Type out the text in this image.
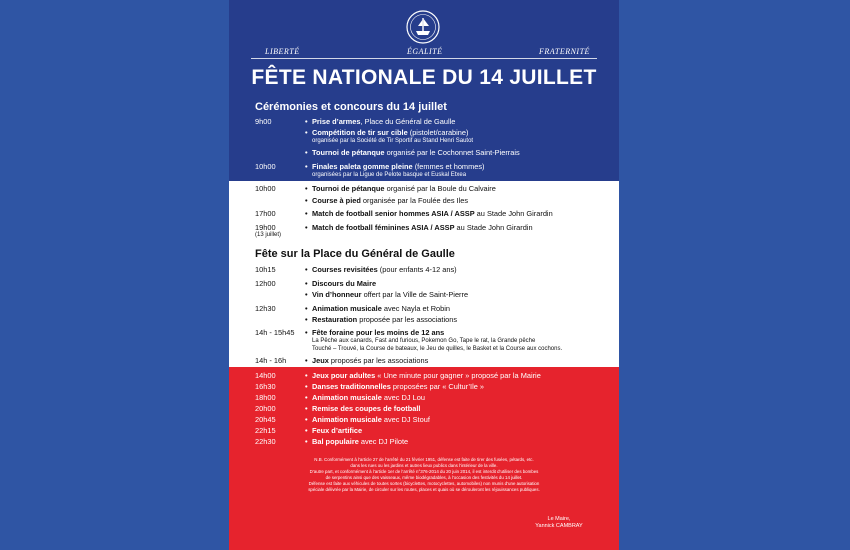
LIBERTÉ	ÉGALITÉ	FRATERNITÉ
FÊTE NATIONALE DU 14 JUILLET
Cérémonies et concours du 14 juillet
9h00	• Prise d’armes, Place du Général de Gaulle
• Compétition de tir sur cible (pistolet/carabine)
organisée par la Société de Tir Sportif au Stand Henri Sautot
• Tournoi de pétanque organisé par le Cochonnet Saint-Pierrais
10h00	• Finales paleta gomme pleine (femmes et hommes)
organisées par la Ligue de Pelote basque et Euskal Etxea
10h00	• Tournoi de pétanque organisé par la Boule du Calvaire
• Course à pied organisée par la Foulée des Iles
17h00	• Match de football senior hommes ASIA / ASSP au Stade John Girardin
19h00
(13 juillet)
• Match de football féminines ASIA / ASSP au Stade John Girardin
Fête sur la Place du Général de Gaulle
10h15	• Courses revisitées (pour enfants 4-12 ans)
12h00	• Discours du Maire
• Vin d’honneur offert par la Ville de Saint-Pierre
12h30	• Animation musicale avec Nayla et Robin
• Restauration proposée par les associations
14h - 15h45	• Fête foraine pour les moins de 12 ans
La Pêche aux canards, Fast and furious, Pokemon Go, Tape le rat, la Grande pêche
Touché – Trouvé, la Course de bateaux, le Jeu de quilles, le Basket et la Course aux cochons.
14h - 16h	• Jeux proposés par les associations
14h00	• Jeux pour adultes « Une minute pour gagner » proposé par la Mairie
16h30	• Danses traditionnelles proposées par « Cultur’Ile »
18h00	• Animation musicale avec DJ Lou
20h00	• Remise des coupes de football
20h45	• Animation musicale avec DJ Stouf
22h15	• Feux d’artifice
22h30	• Bal populaire avec DJ Pilote
N.B. Conformément à l’article 27 de l’arrêté du 21 février 1951, défense est faite de tirer des fusées, pétards, etc.
dans les rues ou les jardins et autres lieux publics dans l’intérieur de la ville.
D’autre part, et conformément à l’article 1er de l’arrêté n°376-2014 du 20 juin 2014, il est interdit d’utiliser des bombes
de serpentins ainsi que des vaisseaux, même biodégradables, à l’occasion des festivités du 14 juillet.
Défense est faite aux véhicules de toutes sortes (bicyclettes, motocyclettes, automobiles) non munis d’une autorisation
spéciale délivrée par la Mairie, de circuler sur les routes, places et quais où se dérouleront les réjouissances publiques.
Le Maire,
Yannick CAMBRAY
